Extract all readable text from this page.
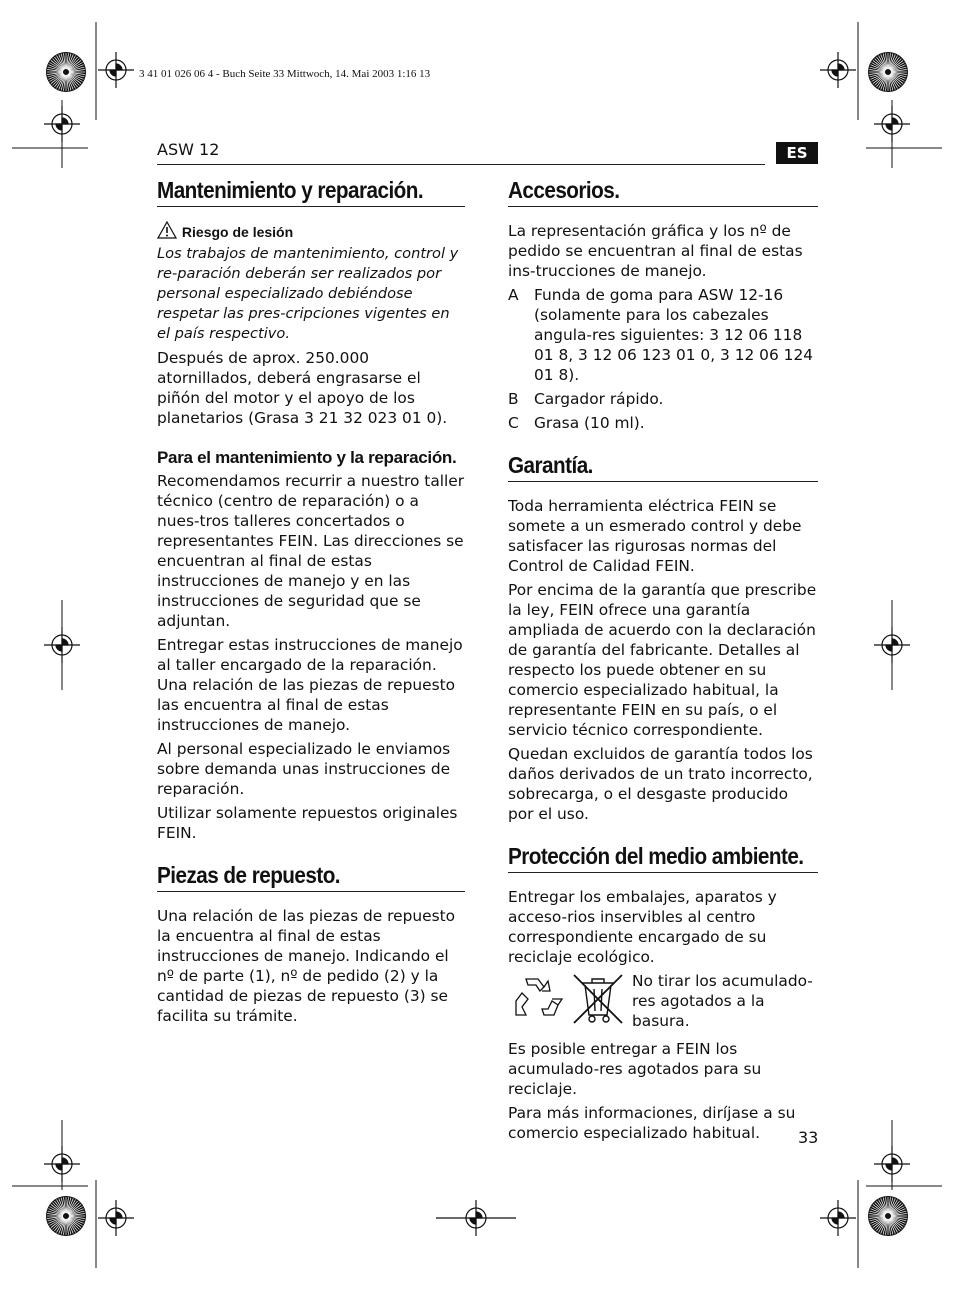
3 41 01 026 06 4 - Buch Seite 33 Mittwoch, 14. Mai 2003 1:16 13
ASW 12	ES
Mantenimiento y reparación.
Riesgo de lesión

Los trabajos de mantenimiento, control y re-paración deberán ser realizados por personal especializado debiéndose respetar las pres-cripciones vigentes en el país respectivo.

Después de aprox. 250.000 atornillados, deberá engrasarse el piñón del motor y el apoyo de los planetarios (Grasa 3 21 32 023 01 0).

Para el mantenimiento y la reparación.

Recomendamos recurrir a nuestro taller técnico (centro de reparación) o a nues-tros talleres concertados o representantes FEIN. Las direcciones se encuentran al final de estas instrucciones de manejo y en las instrucciones de seguridad que se adjuntan.

Entregar estas instrucciones de manejo al taller encargado de la reparación. Una relación de las piezas de repuesto las encuentra al final de estas instrucciones de manejo.

Al personal especializado le enviamos sobre demanda unas instrucciones de reparación.

Utilizar solamente repuestos originales FEIN.

Piezas de repuesto.

Una relación de las piezas de repuesto la encuentra al final de estas instrucciones de manejo. Indicando el nº de parte (1), nº de pedido (2) y la cantidad de piezas de repuesto (3) se facilita su trámite.

Accesorios.

La representación gráfica y los nº de pedido se encuentran al final de estas ins-trucciones de manejo.

A	Funda de goma para ASW 12-16 (solamente para los cabezales angula-res siguientes: 3 12 06 118 01 8, 3 12 06 123 01 0, 3 12 06 124 01 8).
B	Cargador rápido.
C Grasa (10 ml).
Garantía.

Toda herramienta eléctrica FEIN se somete a un esmerado control y debe satisfacer las rigurosas normas del Control de Calidad FEIN.

Por encima de la garantía que prescribe la ley, FEIN ofrece una garantía ampliada de acuerdo con la declaración de garantía del fabricante. Detalles al respecto los puede obtener en su comercio especializado habitual, la representante FEIN en su país, o el servicio técnico correspondiente.

Quedan excluidos de garantía todos los daños derivados de un trato incorrecto, sobrecarga, o el desgaste producido por el uso.

Protección del medio ambiente.

Entregar los embalajes, aparatos y acceso-rios inservibles al centro correspondiente encargado de su reciclaje ecológico.

No tirar los acumulado-res agotados a la basura.

Es posible entregar a FEIN los acumulado-res agotados para su reciclaje.

Para más informaciones, diríjase a su comercio especializado habitual.	33
